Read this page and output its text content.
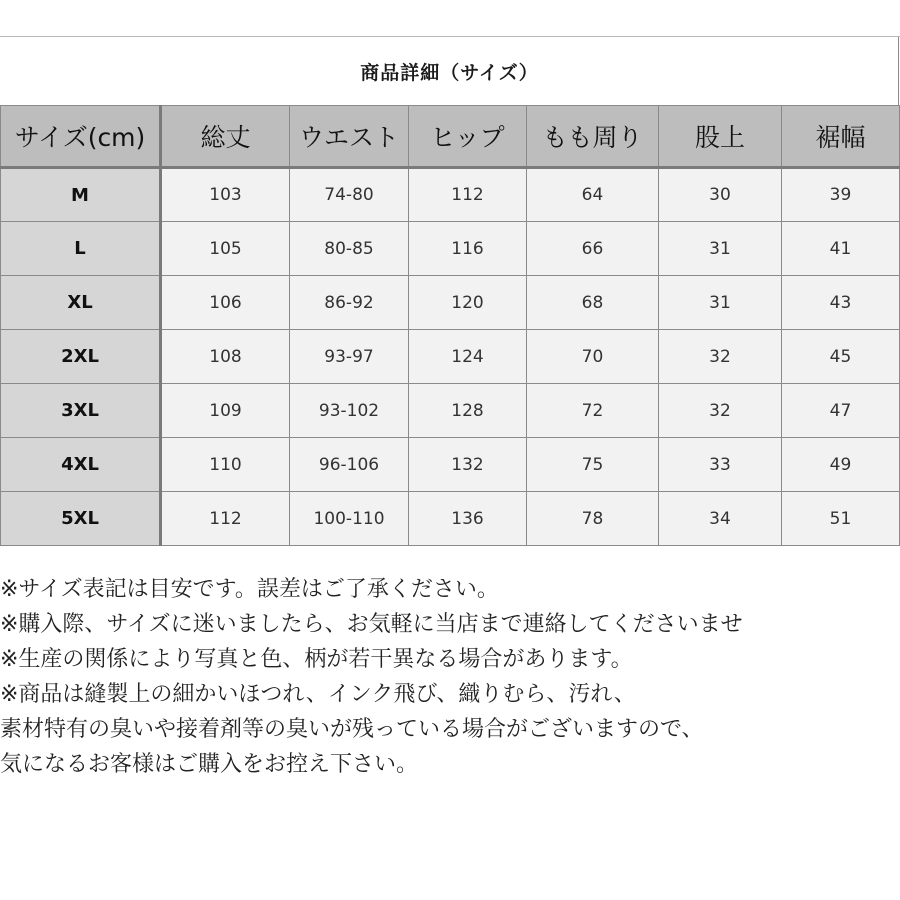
商品詳細（サイズ）
サイズ(cm)	総丈	ウエスト	ヒップ	もも周り	股上	裾幅
M	103	74-80	112	64	30	39
L	105	80-85	116	66	31	41
XL	106	86-92	120	68	31	43
2XL	108	93-97	124	70	32	45
3XL	109	93-102	128	72	32	47
4XL	110	96-106	132	75	33	49
5XL	112	100-110	136	78	34	51
※サイズ表記は目安です。誤差はご了承ください。
※購入際、サイズに迷いましたら、お気軽に当店まで連絡してくださいませ
※生産の関係により写真と色、柄が若干異なる場合があります。
※商品は縫製上の細かいほつれ、インク飛び、織りむら、汚れ、
素材特有の臭いや接着剤等の臭いが残っている場合がございますので、
気になるお客様はご購入をお控え下さい。
